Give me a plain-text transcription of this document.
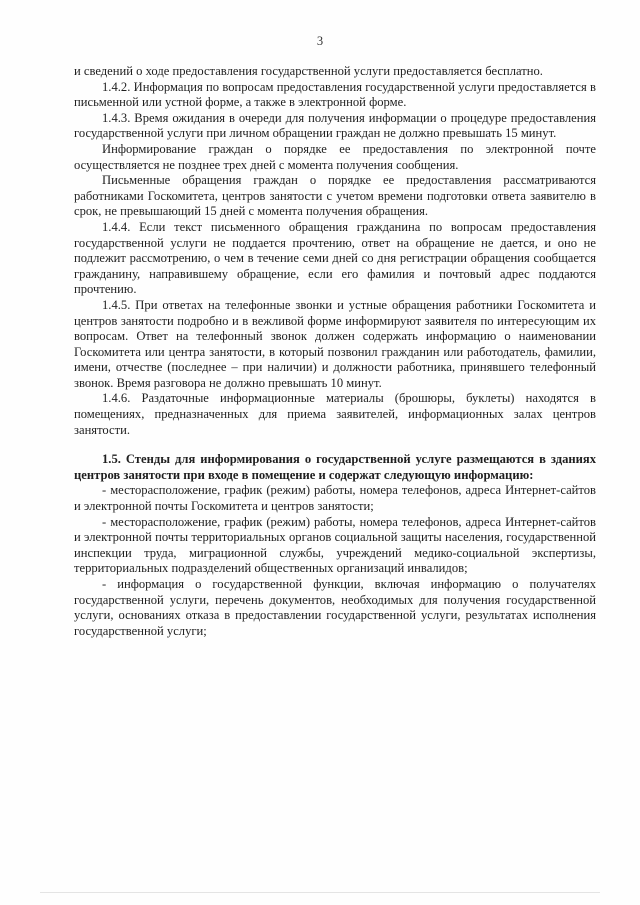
3

и сведений о ходе предоставления государственной услуги предоставляется бесплатно.

1.4.2. Информация по вопросам предоставления государственной услуги предоставляется в письменной или устной форме, а также в электронной форме.

1.4.3. Время ожидания в очереди для получения информации о процедуре предоставления государственной услуги при личном обращении граждан не должно превышать 15 минут.

Информирование граждан о порядке ее предоставления по электронной почте осуществляется не позднее трех дней с момента получения сообщения.

Письменные обращения граждан о порядке ее предоставления рассматриваются работниками Госкомитета, центров занятости с учетом времени подготовки ответа заявителю в срок, не превышающий 15 дней с момента получения обращения.

1.4.4. Если текст письменного обращения гражданина по вопросам предоставления государственной услуги не поддается прочтению, ответ на обращение не дается, и оно не подлежит рассмотрению, о чем в течение семи дней со дня регистрации обращения сообщается гражданину, направившему обращение, если его фамилия и почтовый адрес поддаются прочтению.

1.4.5. При ответах на телефонные звонки и устные обращения работники Госкомитета и центров занятости подробно и в вежливой форме информируют заявителя по интересующим их вопросам. Ответ на телефонный звонок должен содержать информацию о наименовании Госкомитета или центра занятости, в который позвонил гражданин или работодатель, фамилии, имени, отчестве (последнее – при наличии) и должности работника, принявшего телефонный звонок. Время разговора не должно превышать 10 минут.

1.4.6. Раздаточные информационные материалы (брошюры, буклеты) находятся в помещениях, предназначенных для приема заявителей, информационных залах центров занятости.

1.5. Стенды для информирования о государственной услуге размещаются в зданиях центров занятости при входе в помещение и содержат следующую информацию:

- месторасположение, график (режим) работы, номера телефонов, адреса Интернет-сайтов и электронной почты Госкомитета и центров занятости;

- месторасположение, график (режим) работы, номера телефонов, адреса Интернет-сайтов и электронной почты территориальных органов социальной защиты населения, государственной инспекции труда, миграционной службы, учреждений медико-социальной экспертизы, территориальных подразделений общественных организаций инвалидов;

- информация о государственной функции, включая информацию о получателях государственной услуги, перечень документов, необходимых для получения государственной услуги, основаниях отказа в предоставлении государственной услуги, результатах исполнения государственной услуги;
